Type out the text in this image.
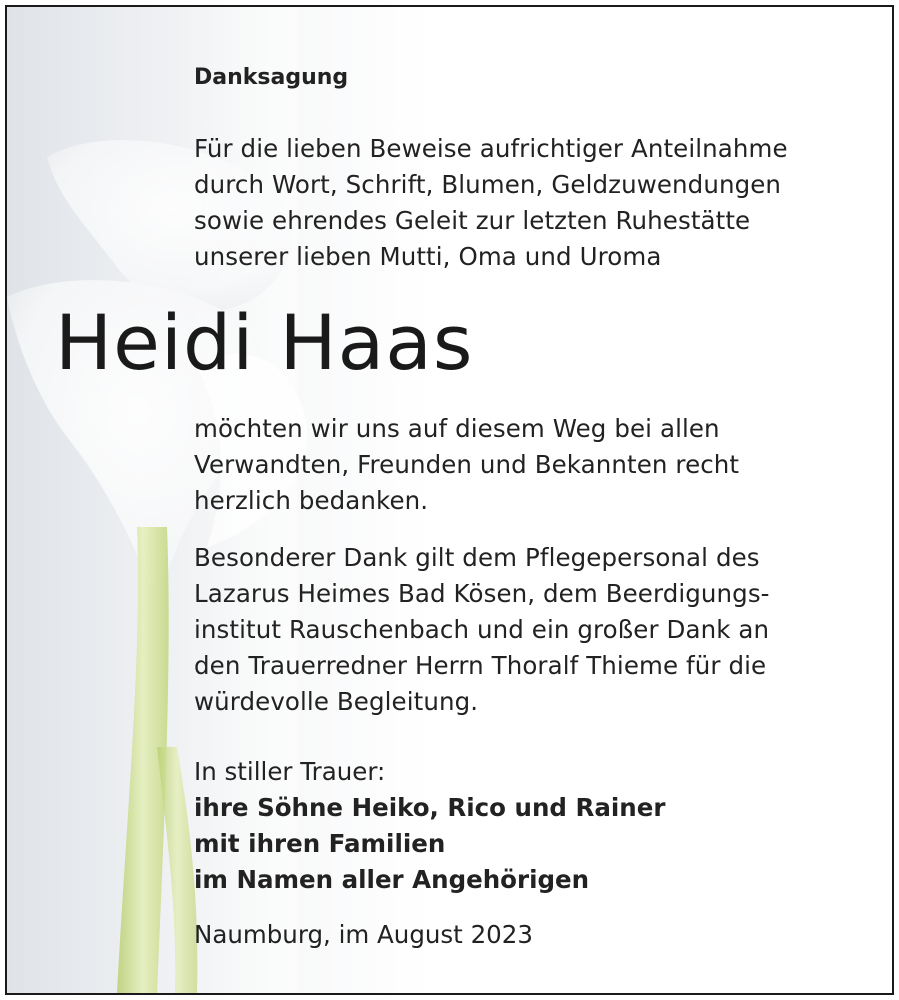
Danksagung

Für die lieben Beweise aufrichtiger Anteilnahme
durch Wort, Schrift, Blumen, Geldzuwendungen
sowie ehrendes Geleit zur letzten Ruhestätte
unserer lieben Mutti, Oma und Uroma

Heidi Haas

möchten wir uns auf diesem Weg bei allen
Verwandten, Freunden und Bekannten recht
herzlich bedanken.

Besonderer Dank gilt dem Pflegepersonal des
Lazarus Heimes Bad Kösen, dem Beerdigungs-
institut Rauschenbach und ein großer Dank an
den Trauerredner Herrn Thoralf Thieme für die
würdevolle Begleitung.

In stiller Trauer:

ihre Söhne Heiko, Rico und Rainer
mit ihren Familien
im Namen aller Angehörigen

Naumburg, im August 2023
